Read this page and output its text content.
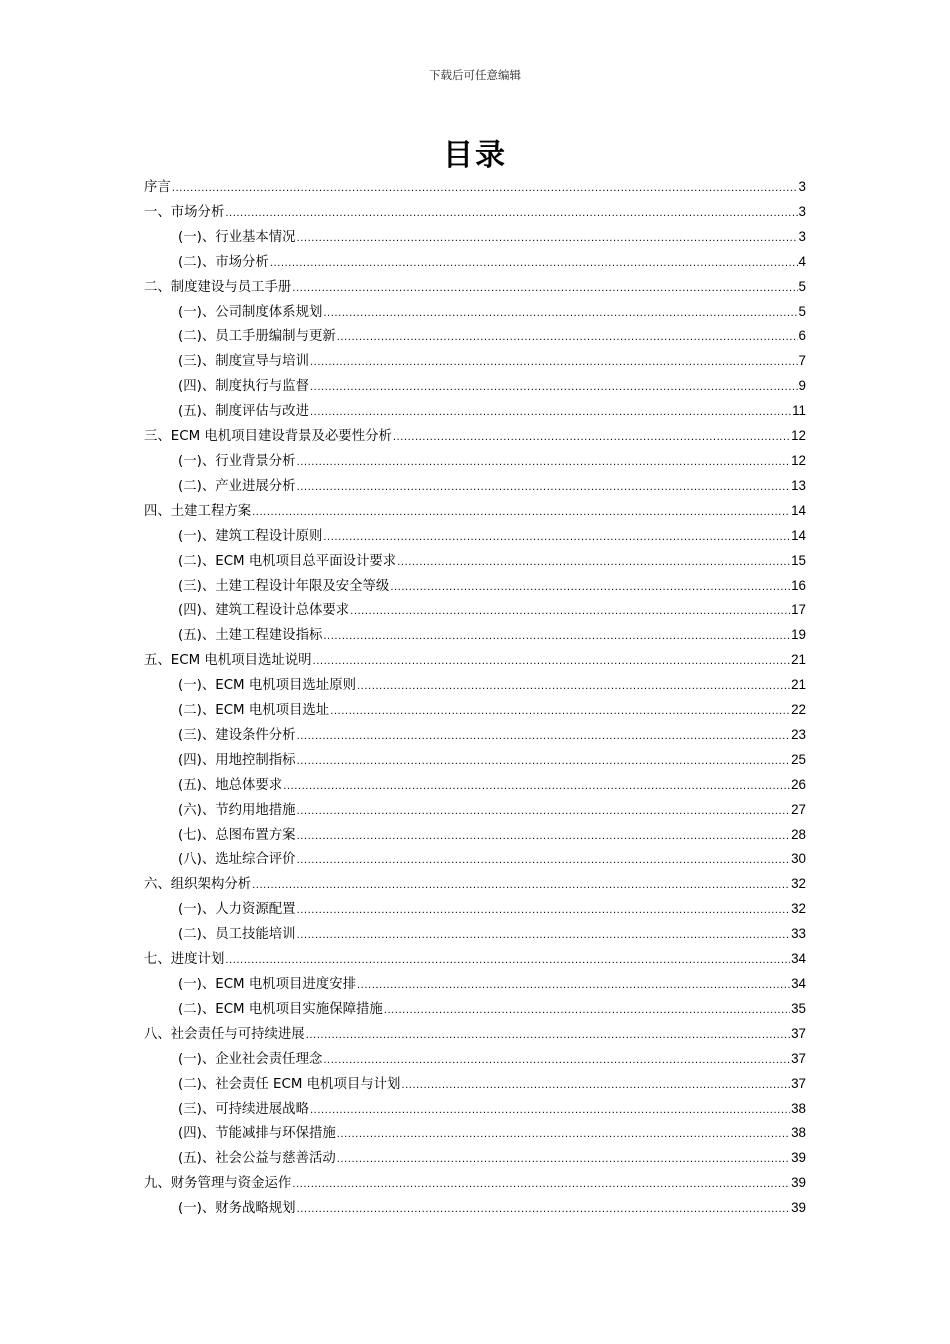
下载后可任意编辑
目录
序言 .....	3
一、市场分析 .....	3
(一)、行业基本情况 .....	3
(二)、市场分析 .....	4
二、制度建设与员工手册 .....	5
(一)、公司制度体系规划 .....	5
(二)、员工手册编制与更新 .....	6
(三)、制度宣导与培训 .....	7
(四)、制度执行与监督 .....	9
(五)、制度评估与改进 .....	11
三、ECM 电机项目建设背景及必要性分析 .....	12
(一)、行业背景分析 .....	12
(二)、产业进展分析 .....	13
四、土建工程方案 .....	14
(一)、建筑工程设计原则 .....	14
(二)、ECM 电机项目总平面设计要求 .....	15
(三)、土建工程设计年限及安全等级 .....	16
(四)、建筑工程设计总体要求 .....	17
(五)、土建工程建设指标 .....	19
五、ECM 电机项目选址说明 .....	21
(一)、ECM 电机项目选址原则 .....	21
(二)、ECM 电机项目选址 .....	22
(三)、建设条件分析 .....	23
(四)、用地控制指标 .....	25
(五)、地总体要求 .....	26
(六)、节约用地措施 .....	27
(七)、总图布置方案 .....	28
(八)、选址综合评价 .....	30
六、组织架构分析 .....	32
(一)、人力资源配置 .....	32
(二)、员工技能培训 .....	33
七、进度计划 .....	34
(一)、ECM 电机项目进度安排 .....	34
(二)、ECM 电机项目实施保障措施 .....	35
八、社会责任与可持续进展 .....	37
(一)、企业社会责任理念 .....	37
(二)、社会责任 ECM 电机项目与计划 .....	37
(三)、可持续进展战略 .....	38
(四)、节能减排与环保措施 .....	38
(五)、社会公益与慈善活动 .....	39
九、财务管理与资金运作 .....	39
(一)、财务战略规划 .....	39
